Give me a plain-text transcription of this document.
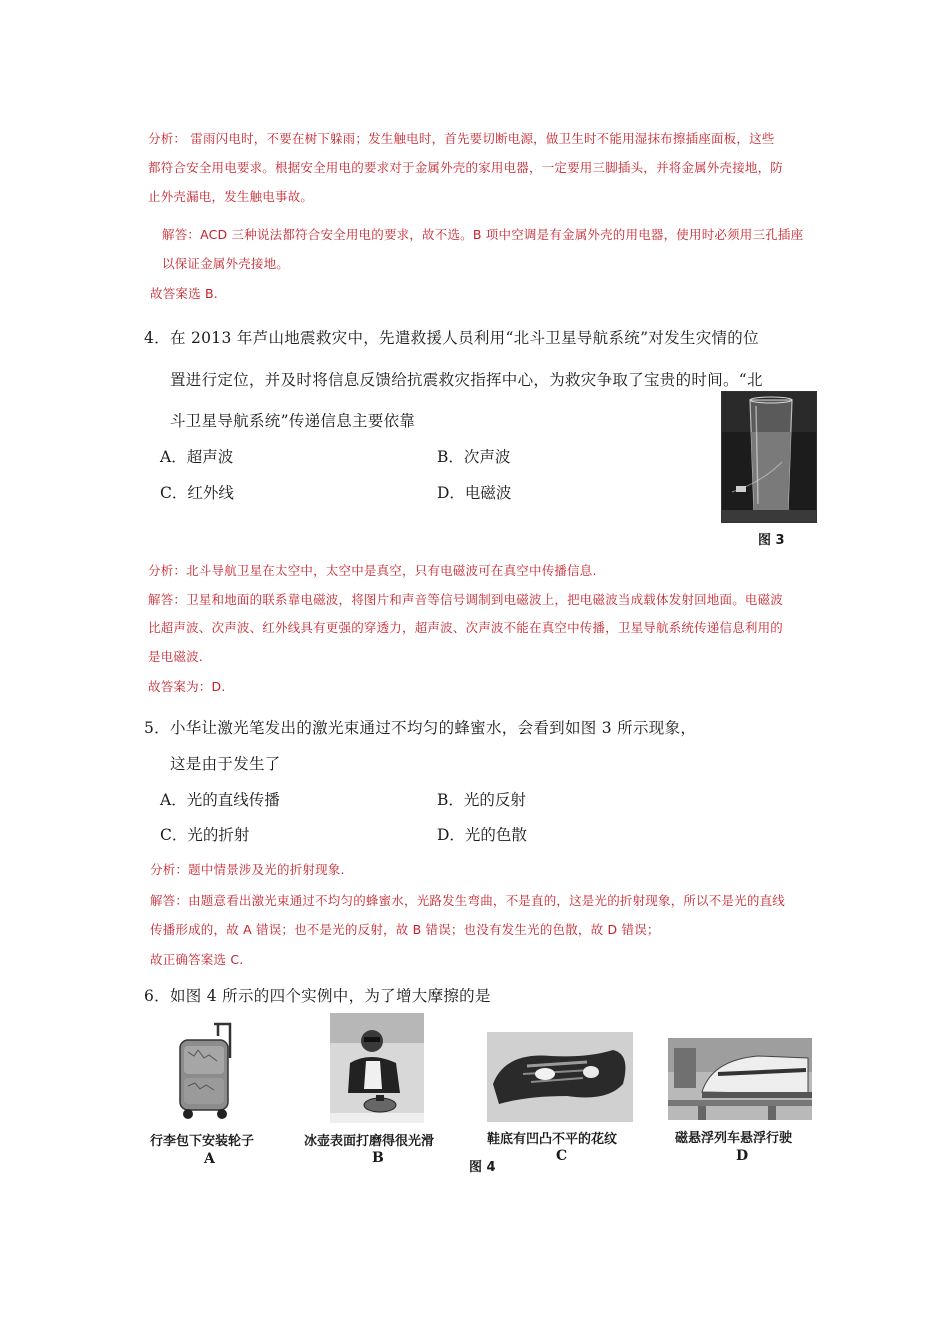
分析： 雷雨闪电时，不要在树下躲雨；发生触电时，首先要切断电源，做卫生时不能用湿抹布擦插座面板，这些
都符合安全用电要求。根据安全用电的要求对于金属外壳的家用电器，一定要用三脚插头，并将金属外壳接地，防
止外壳漏电，发生触电事故。
解答：ACD 三种说法都符合安全用电的要求，故不选。B 项中空调是有金属外壳的用电器，使用时必须用三孔插座
以保证金属外壳接地。
故答案选 B.
4．在 2013 年芦山地震救灾中，先遣救援人员利用“北斗卫星导航系统”对发生灾情的位
置进行定位，并及时将信息反馈给抗震救灾指挥中心，为救灾争取了宝贵的时间。“北
斗卫星导航系统”传递信息主要依靠
A．超声波	B．次声波
C．红外线	D．电磁波
图 3
分析：北斗导航卫星在太空中，太空中是真空，只有电磁波可在真空中传播信息.
解答：卫星和地面的联系靠电磁波，将图片和声音等信号调制到电磁波上，把电磁波当成载体发射回地面。电磁波
比超声波、次声波、红外线具有更强的穿透力，超声波、次声波不能在真空中传播，卫星导航系统传递信息利用的
是电磁波.
故答案为：D.
5．小华让激光笔发出的激光束通过不均匀的蜂蜜水，会看到如图 3 所示现象，
这是由于发生了
A．光的直线传播	B．光的反射
C．光的折射	D．光的色散
分析：题中情景涉及光的折射现象.
解答：由题意看出激光束通过不均匀的蜂蜜水，光路发生弯曲，不是直的，这是光的折射现象，所以不是光的直线
传播形成的，故 A 错误；也不是光的反射，故 B 错误；也没有发生光的色散，故 D 错误；
故正确答案选 C.
6．如图 4 所示的四个实例中，为了增大摩擦的是
行李包下安装轮子	冰壶表面打磨得很光滑	鞋底有凹凸不平的花纹	磁悬浮列车悬浮行驶
A	B
图 4
C	D
